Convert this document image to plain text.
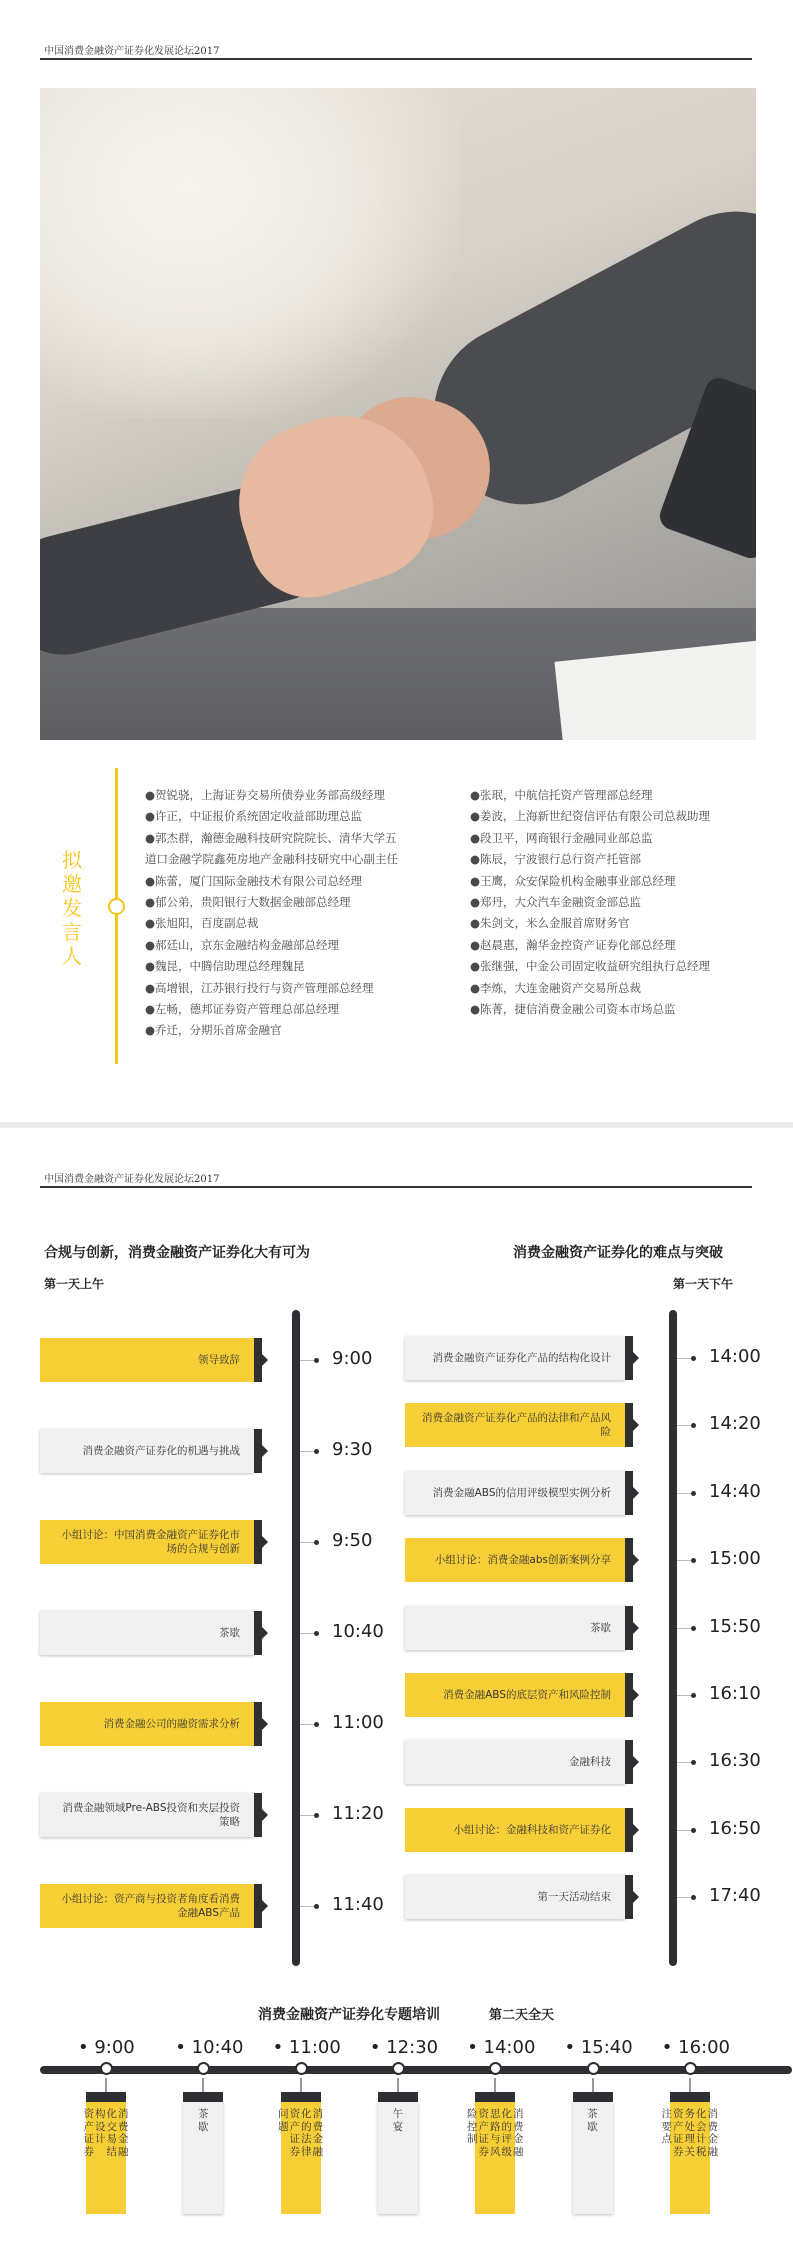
中国消费金融资产证券化发展论坛2017
拟邀发言人
●贺锐骁，上海证券交易所债券业务部高级经理
●许正，中证报价系统固定收益部助理总监
●郭杰群，瀚德金融科技研究院院长、清华大学五
道口金融学院鑫苑房地产金融科技研究中心副主任
●陈蕾，厦门国际金融技术有限公司总经理
●郁公弟，贵阳银行大数据金融部总经理
●张旭阳，百度副总裁
●郝廷山，京东金融结构金融部总经理
●魏昆，中腾信助理总经理魏昆
●高增银，江苏银行投行与资产管理部总经理
●左畅，德邦证券资产管理总部总经理
●乔迁，分期乐首席金融官
●张珉，中航信托资产管理部总经理
●姜波，上海新世纪资信评估有限公司总裁助理
●段卫平，网商银行金融同业部总监
●陈辰，宁波银行总行资产托管部
●王鹰，众安保险机构金融事业部总经理
●郑丹，大众汽车金融资金部总监
●朱剑文，米么金服首席财务官
●赵晨惠，瀚华金控资产证券化部总经理
●张继强，中金公司固定收益研究组执行总经理
●李炼，大连金融资产交易所总裁
●陈菁，捷信消费金融公司资本市场总监
中国消费金融资产证券化发展论坛2017
合规与创新，消费金融资产证券化大有可为	消费金融资产证券化的难点与突破
第一天上午	第一天下午
领导致辞	9:00
消费金融资产证券化的机遇与挑战	9:30
小组讨论：中国消费金融资产证券化市场的合规与创新	9:50
茶歇	10:40
消费金融公司的融资需求分析	11:00
消费金融领域Pre-ABS投资和夹层投资策略	11:20
小组讨论：资产商与投资者角度看消费金融ABS产品	11:40
消费金融资产证券化产品的结构化设计	14:00
消费金融资产证券化产品的法律和产品风险	14:20
消费金融ABS的信用评级模型实例分析	14:40
小组讨论：消费金融abs创新案例分享	15:00
茶歇	15:50
消费金融ABS的底层资产和风险控制	16:10
金融科技	16:30
小组讨论：金融科技和资产证券化	16:50
第一天活动结束	17:40
消费金融资产证券化专题培训	第二天全天
• 9:00
消费金融
化交易结
构设计
资产证券
• 10:40
茶歇
• 11:00
消费金融
化的法律
资产证券
问题
• 12:30
午宴
• 14:00
消费金融
化的评级
思路与风
资产证券
险控制
• 15:40
茶歇
• 16:00
消费金融
化会计税
务处理关
资产证券
注要点
